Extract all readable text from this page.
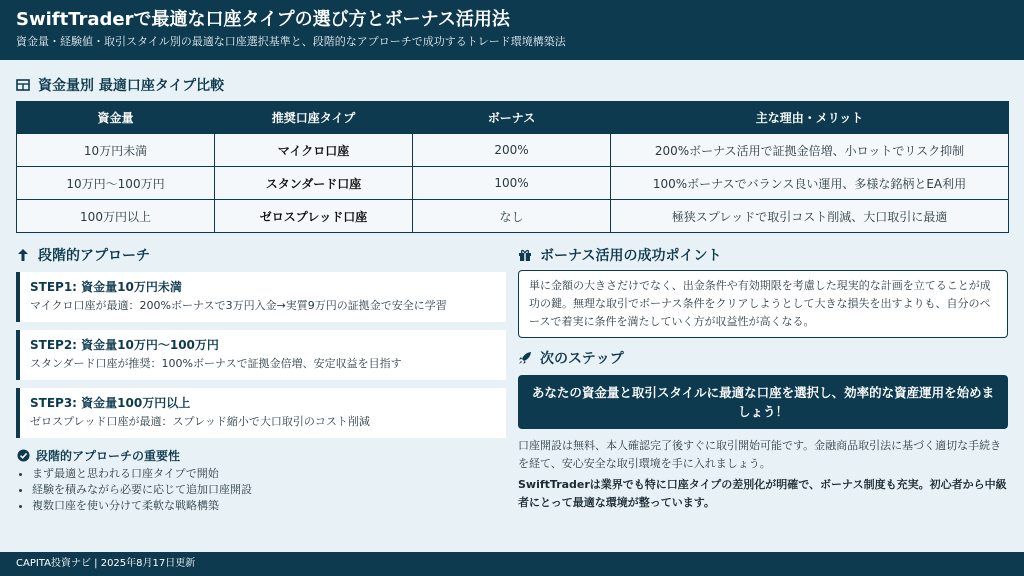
SwiftTraderで最適な口座タイプの選び方とボーナス活用法

資金量・経験値・取引スタイル別の最適な口座選択基準と、段階的なアプローチで成功するトレード環境構築法

資金量別 最適口座タイプ比較
資金量	推奨口座タイプ	ボーナス	主な理由・メリット
10万円未満	マイクロ口座	200%	200%ボーナス活用で証拠金倍増、小ロットでリスク抑制
10万円〜100万円	スタンダード口座	100%	100%ボーナスでバランス良い運用、多様な銘柄とEA利用
100万円以上	ゼロスプレッド口座	なし	極狭スプレッドで取引コスト削減、大口取引に最適
段階的アプローチ
STEP1: 資金量10万円未満
マイクロ口座が最適：200%ボーナスで3万円入金→実質9万円の証拠金で安全に学習
STEP2: 資金量10万円〜100万円
スタンダード口座が推奨：100%ボーナスで証拠金倍増、安定収益を目指す
STEP3: 資金量100万円以上
ゼロスプレッド口座が最適：スプレッド縮小で大口取引のコスト削減
段階的アプローチの重要性
• まず最適と思われる口座タイプで開始
• 経験を積みながら必要に応じて追加口座開設
• 複数口座を使い分けて柔軟な戦略構築
ボーナス活用の成功ポイント
単に金額の大きさだけでなく、出金条件や有効期限を考慮した現実的な計画を立てることが成功の鍵。無理な取引でボーナス条件をクリアしようとして大きな損失を出すよりも、自分のペースで着実に条件を満たしていく方が収益性が高くなる。
次のステップ
あなたの資金量と取引スタイルに最適な口座を選択し、効率的な資産運用を始めましょう！
口座開設は無料、本人確認完了後すぐに取引開始可能です。金融商品取引法に基づく適切な手続きを経て、安心安全な取引環境を手に入れましょう。
SwiftTraderは業界でも特に口座タイプの差別化が明確で、ボーナス制度も充実。初心者から中級者にとって最適な環境が整っています。
CAPITA投資ナビ | 2025年8月17日更新
